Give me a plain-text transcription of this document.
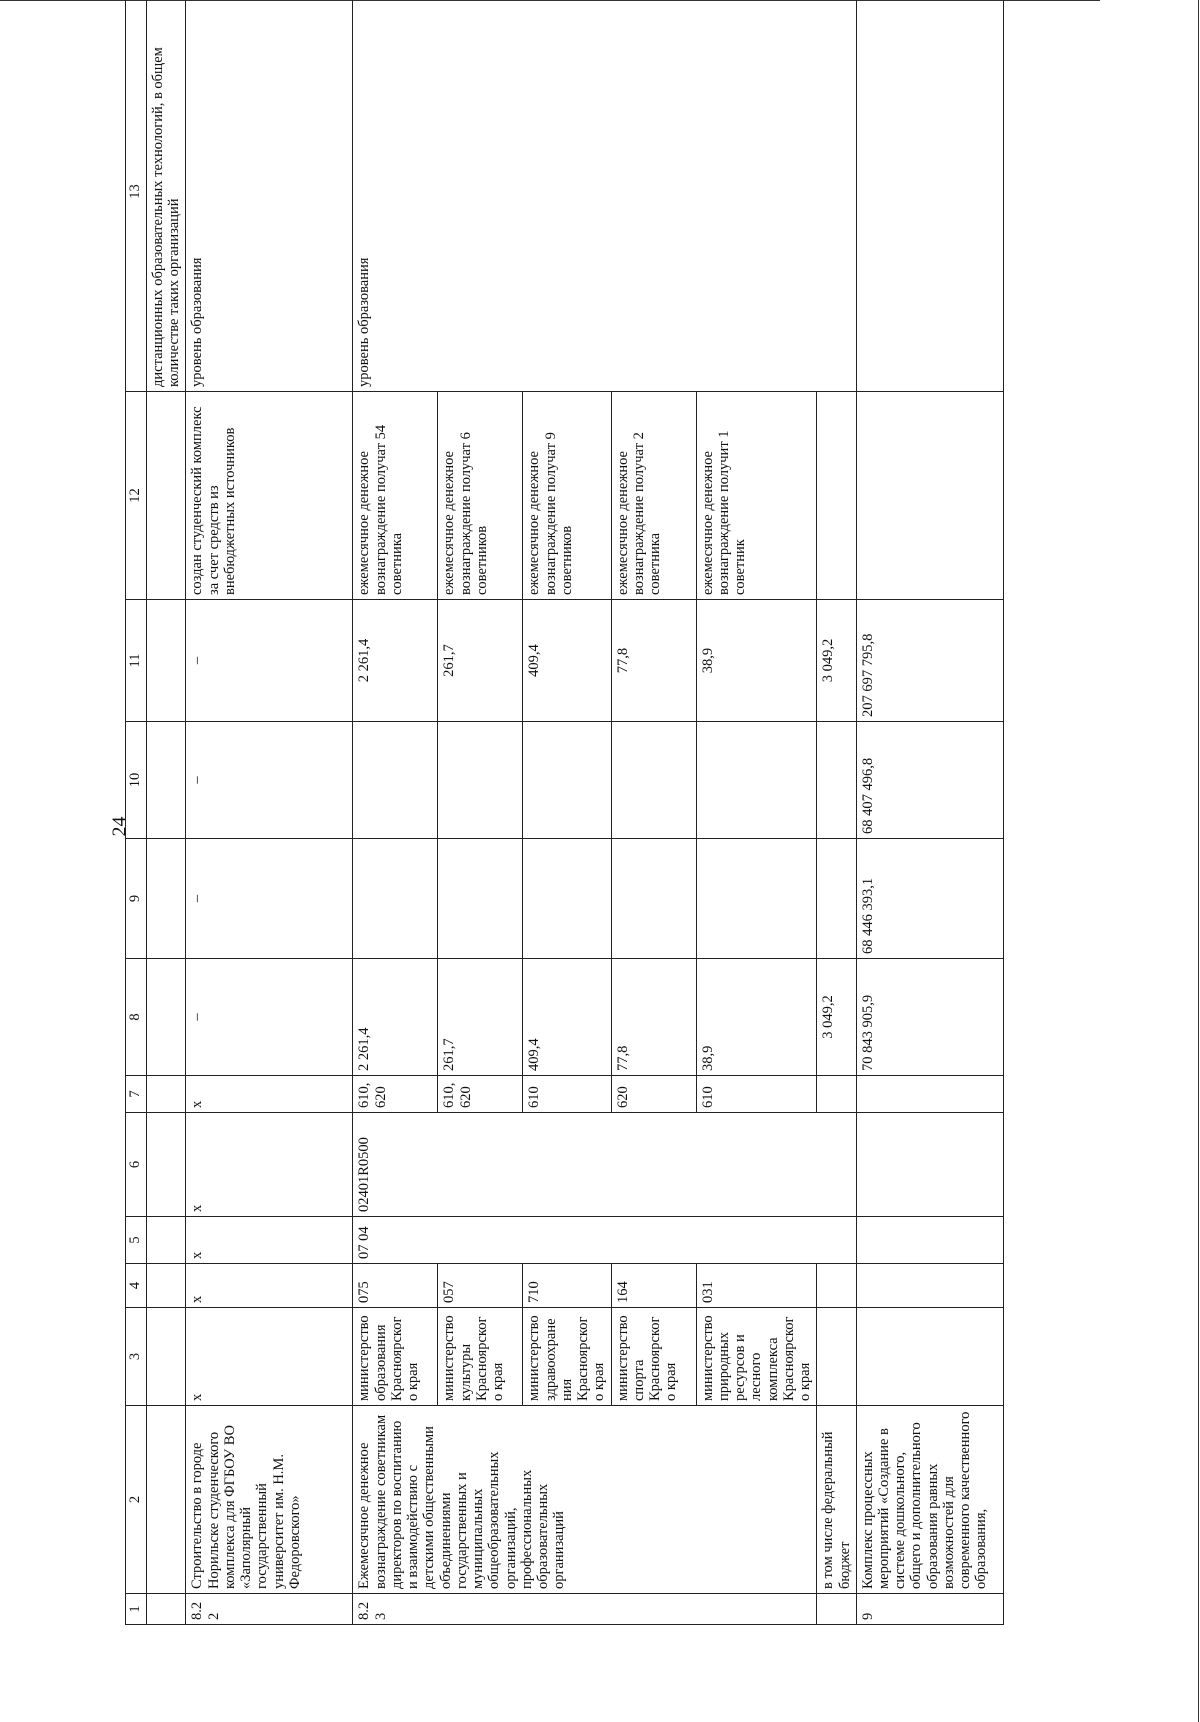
24
1	2	3	4	5	6	7	8	9	10	11	12	13
												дистанционных образовательных технологий, в общем количестве таких организаций
8.22	Строительство в городе Норильске студенческого комплекса для ФГБОУ ВО «Заполярный государственный университет им. Н.М. Федоровского»	х	х	х	х	х	–	–	–	–	создан студенческий комплекс за счет средств из внебюджетных источников	уровень образования
8.23	Ежемесячное денежное вознаграждение советникам директоров по воспитанию и взаимодействию с детскими общественными объединениями государственных и муниципальных общеобразовательных организаций, профессиональных образовательных организаций	министерство образования Красноярского края	075	07 04	02401R0500	610, 620	2 261,4			2 261,4	ежемесячное денежное вознаграждение получат 54 советника	уровень образования
		министерство культуры Красноярского края	057			610, 620	261,7			261,7	ежемесячное денежное вознаграждение получат 6 советников	
		министерство здравоохранения Красноярского края	710			610	409,4			409,4	ежемесячное денежное вознаграждение получат 9 советников	
		министерство спорта Красноярского края	164			620	77,8			77,8	ежемесячное денежное вознаграждение получат 2 советника	
		министерство природных ресурсов и лесного комплекса Красноярского края	031			610	38,9			38,9	ежемесячное денежное вознаграждение получит 1 советник	
	в том числе федеральный бюджет						3 049,2			3 049,2		
9	Комплекс процессных мероприятий «Создание в системе дошкольного, общего и дополнительного образования равных возможностей для современного качественного образования,						70 843 905,9	68 446 393,1	68 407 496,8	207 697 795,8		
